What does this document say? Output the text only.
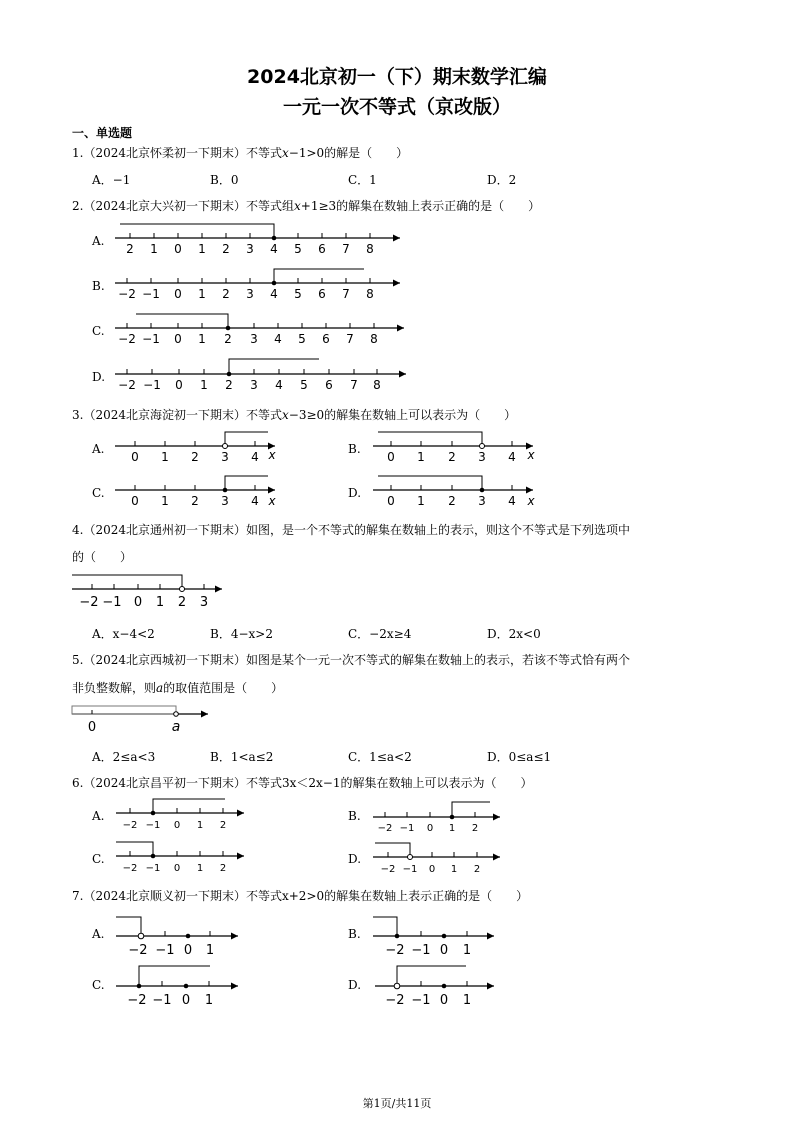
2024北京初一（下）期末数学汇编
一元一次不等式（京改版）
一、单选题
1.（2024北京怀柔初一下期末）不等式x−1>0的解是（　　）
A．−1	B．0	C．1	D．2
2.（2024北京大兴初一下期末）不等式组x+1≥3的解集在数轴上表示正确的是（　　）
A.
B.
C.
D.
2 1 0 1 2 3 4 5 6 7 8
−2 −1 0 1 2 3 4 5 6 7 8
−2 −1 0 1 2 3 4 5 6 7 8
−2 −1 0 1 2 3 4 5 6 7 8
0 1 2 3 4 x	0 1 2 3 4 x
0 1 2 3 4 x	0 1 2 3 4 x
−2 −1 0 1 2 3
0	a
−2 −1 0 1 2	−2 −1 0 1 2
−2 −1 0 1 2	−2 −1 0 1 2
−2 −1 0 1	−2 −1 0 1
−2 −1 0 1	−2 −1 0 1
3.（2024北京海淀初一下期末）不等式x−3≥0的解集在数轴上可以表示为（　　）
A.	B.
C.	D.
4.（2024北京通州初一下期末）如图，是一个不等式的解集在数轴上的表示，则这个不等式是下列选项中
的（　　）
A．x−4<2	B．4−x>2	C．−2x≥4	D．2x<0
5.（2024北京西城初一下期末）如图是某个一元一次不等式的解集在数轴上的表示，若该不等式恰有两个
非负整数解，则a的取值范围是（　　）
A．2≤a<3	B．1<a≤2	C．1≤a<2	D．0≤a≤1
6.（2024北京昌平初一下期末）不等式3x＜2x−1的解集在数轴上可以表示为（　　）
A.	B.
C.	D.
7.（2024北京顺义初一下期末）不等式x+2>0的解集在数轴上表示正确的是（　　）
A.	B.
C.	D.
第1页/共11页
